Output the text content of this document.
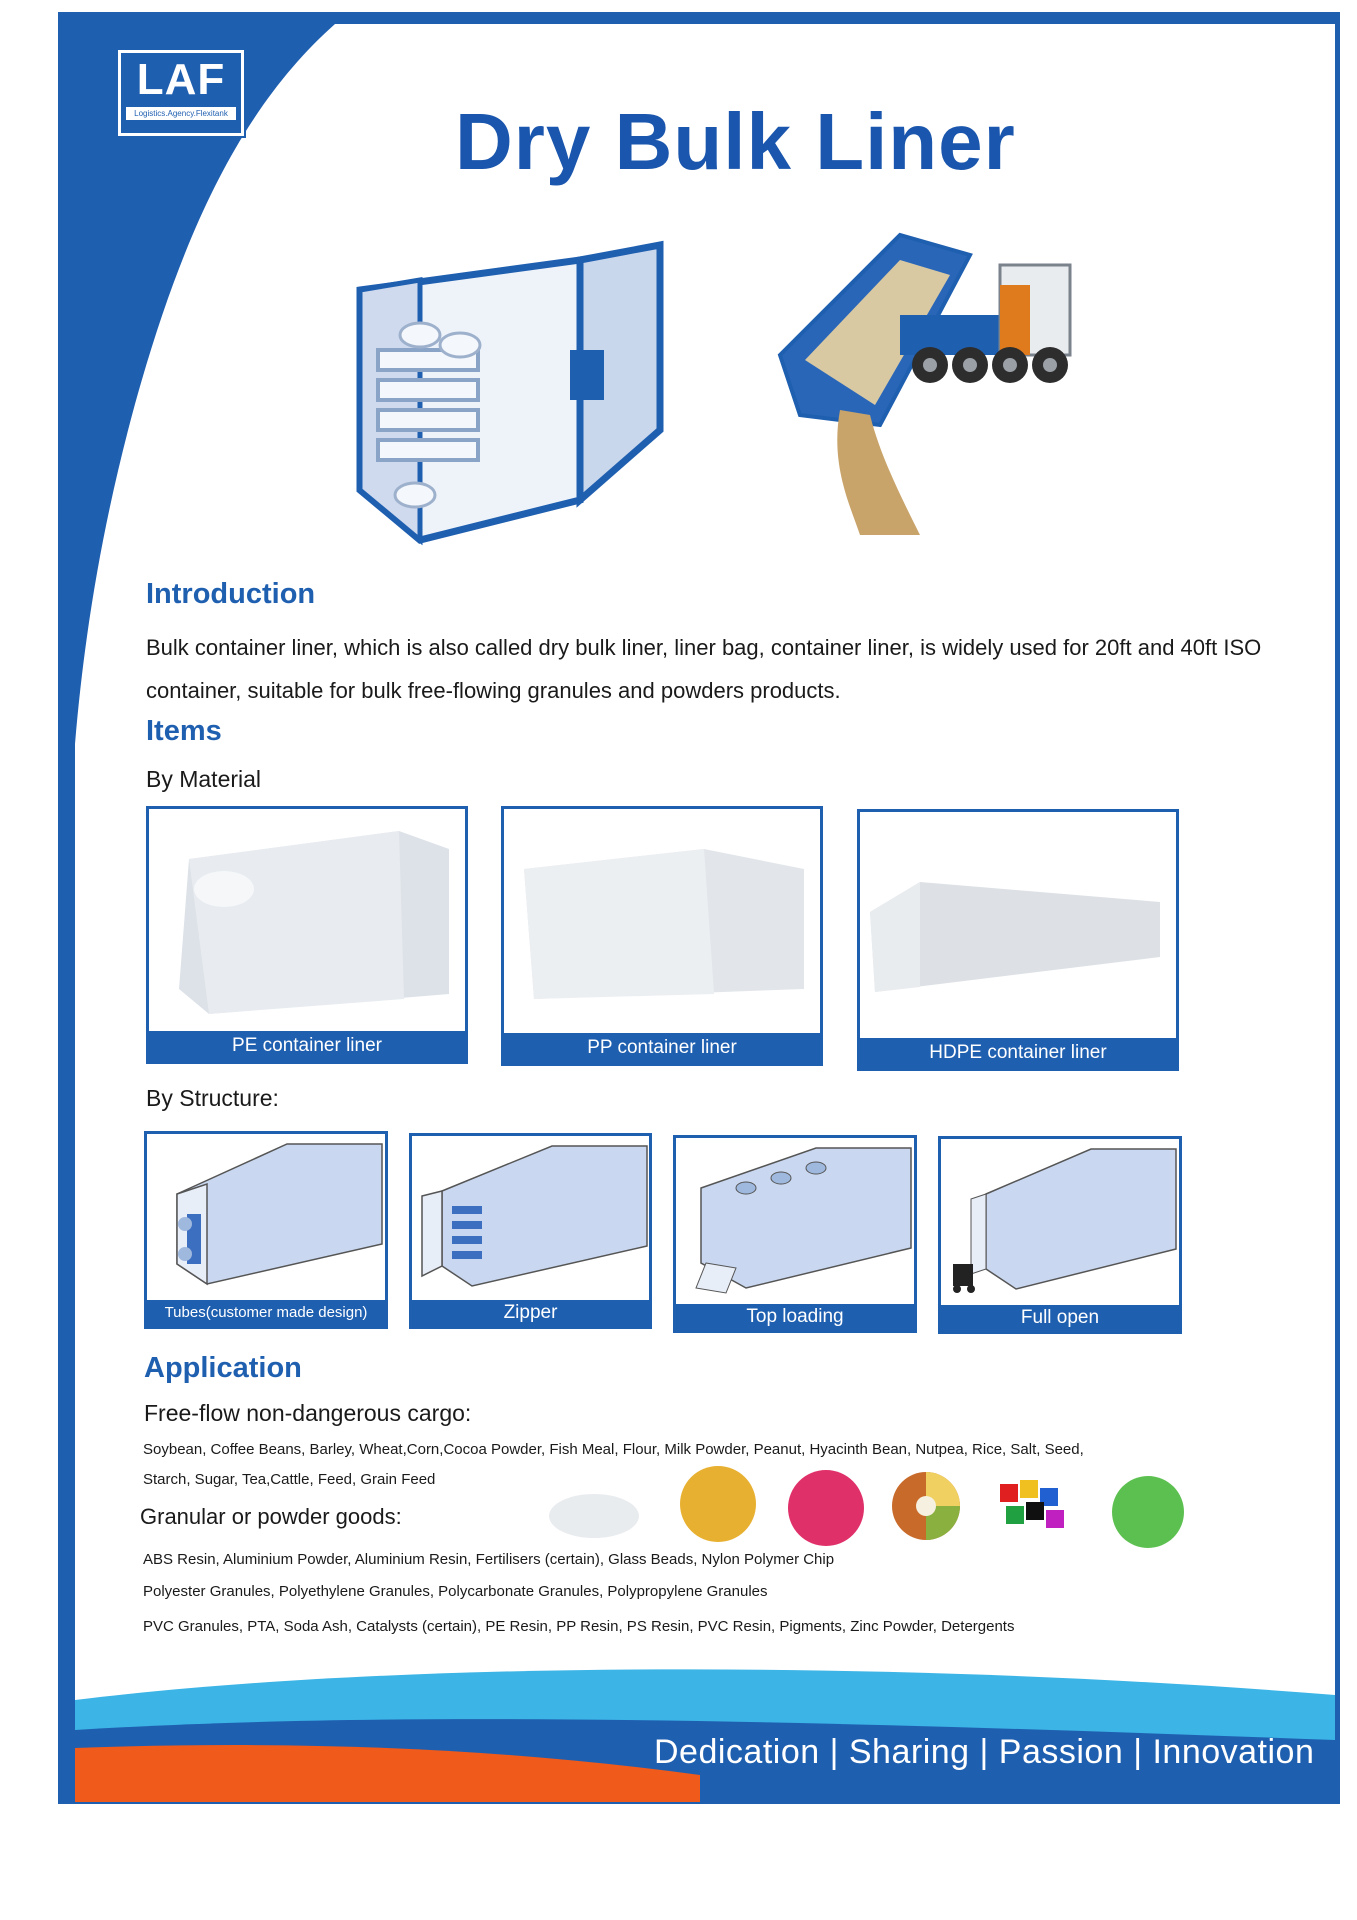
LAF
Logistics.Agency.Flexitank	Dry Bulk Liner
Introduction
Bulk container liner, which is also called dry bulk liner, liner bag, container liner, is widely used for 20ft and 40ft ISO container, suitable for bulk free-flowing granules and powders products.
Items
By Material
PE container liner	PP container liner	HDPE container liner
By Structure:
Tubes(customer made design)	Zipper	Top loading	Full open
Application
Free-flow non-dangerous cargo:
Soybean, Coffee Beans, Barley, Wheat,Corn,Cocoa Powder, Fish Meal, Flour, Milk Powder, Peanut, Hyacinth Bean, Nutpea, Rice, Salt, Seed,
Starch, Sugar, Tea,Cattle, Feed, Grain Feed
Granular or powder goods:
ABS Resin, Aluminium Powder, Aluminium Resin, Fertilisers (certain), Glass Beads, Nylon Polymer Chip
Polyester Granules, Polyethylene Granules, Polycarbonate Granules, Polypropylene Granules
PVC Granules, PTA, Soda Ash, Catalysts (certain), PE Resin, PP Resin, PS Resin, PVC Resin, Pigments, Zinc Powder, Detergents
Dedication | Sharing | Passion | Innovation
